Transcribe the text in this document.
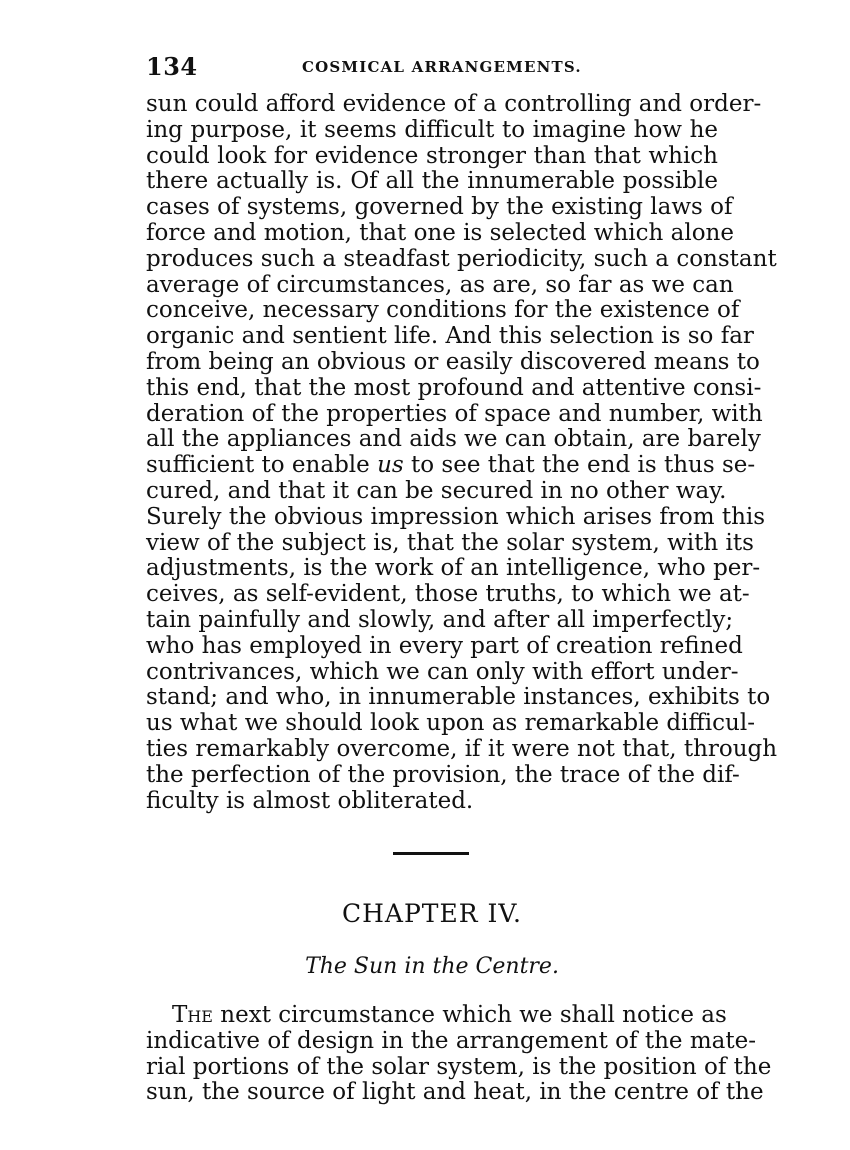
134	COSMICAL ARRANGEMENTS.
sun could afford evidence of a controlling and order-
ing purpose, it seems difficult to imagine how he
could look for evidence stronger than that which
there actually is. Of all the innumerable possible
cases of systems, governed by the existing laws of
force and motion, that one is selected which alone
produces such a steadfast periodicity, such a constant
average of circumstances, as are, so far as we can
conceive, necessary conditions for the existence of
organic and sentient life. And this selection is so far
from being an obvious or easily discovered means to
this end, that the most profound and attentive consi-
deration of the properties of space and number, with
all the appliances and aids we can obtain, are barely
sufficient to enable us to see that the end is thus se-
cured, and that it can be secured in no other way.
Surely the obvious impression which arises from this
view of the subject is, that the solar system, with its
adjustments, is the work of an intelligence, who per-
ceives, as self-evident, those truths, to which we at-
tain painfully and slowly, and after all imperfectly;
who has employed in every part of creation refined
contrivances, which we can only with effort under-
stand; and who, in innumerable instances, exhibits to
us what we should look upon as remarkable difficul-
ties remarkably overcome, if it were not that, through
the perfection of the provision, the trace of the dif-
ficulty is almost obliterated.
CHAPTER IV.
The Sun in the Centre.
The next circumstance which we shall notice as
indicative of design in the arrangement of the mate-
rial portions of the solar system, is the position of the
sun, the source of light and heat, in the centre of the
